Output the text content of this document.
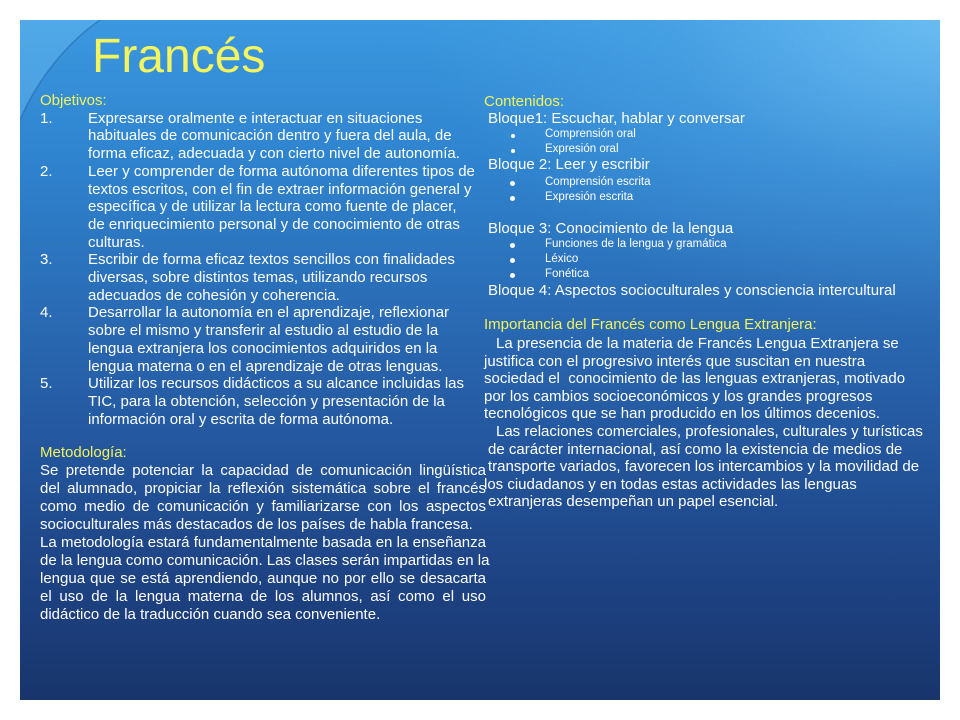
Francés
Objetivos:
1.	Expresarse oralmente e interactuar en situaciones
habituales de comunicación dentro y fuera del aula, de
forma eficaz, adecuada y con cierto nivel de autonomía.
2.	Leer y comprender de forma autónoma diferentes tipos de
textos escritos, con el fin de extraer información general y
específica y de utilizar la lectura como fuente de placer,
de enriquecimiento personal y de conocimiento de otras
culturas.
3.	Escribir de forma eficaz textos sencillos con finalidades
diversas, sobre distintos temas, utilizando recursos
adecuados de cohesión y coherencia.
4.	Desarrollar la autonomía en el aprendizaje, reflexionar
sobre el mismo y transferir al estudio al estudio de la
lengua extranjera los conocimientos adquiridos en la
lengua materna o en el aprendizaje de otras lenguas.
5.	Utilizar los recursos didácticos a su alcance incluidas las
TIC, para la obtención, selección y presentación de la
información oral y escrita de forma autónoma.
Metodología:
Se pretende potenciar la capacidad de comunicación lingüística
del alumnado, propiciar la reflexión sistemática sobre el francés
como medio de comunicación y familiarizarse con los aspectos
socioculturales más destacados de los países de habla francesa.
La metodología estará fundamentalmente basada en la enseñanza
de la lengua como comunicación. Las clases serán impartidas en la
lengua que se está aprendiendo, aunque no por ello se desacarta
el uso de la lengua materna de los alumnos, así como el uso
didáctico de la traducción cuando sea conveniente.
Contenidos:
Bloque1: Escuchar, hablar y conversar
Comprensión oral
Expresión oral
Bloque 2: Leer y escribir
Comprensión escrita
Expresión escrita
Bloque 3: Conocimiento de la lengua
Funciones de la lengua y gramática
Léxico
Fonética
Bloque 4: Aspectos socioculturales y consciencia intercultural
Importancia del Francés como Lengua Extranjera:
La presencia de la materia de Francés Lengua Extranjera se
justifica con el progresivo interés que suscitan en nuestra
sociedad el  conocimiento de las lenguas extranjeras, motivado
por los cambios socioeconómicos y los grandes progresos
tecnológicos que se han producido en los últimos decenios.
Las relaciones comerciales, profesionales, culturales y turísticas
de carácter internacional, así como la existencia de medios de
transporte variados, favorecen los intercambios y la movilidad de
los ciudadanos y en todas estas actividades las lenguas
extranjeras desempeñan un papel esencial.
